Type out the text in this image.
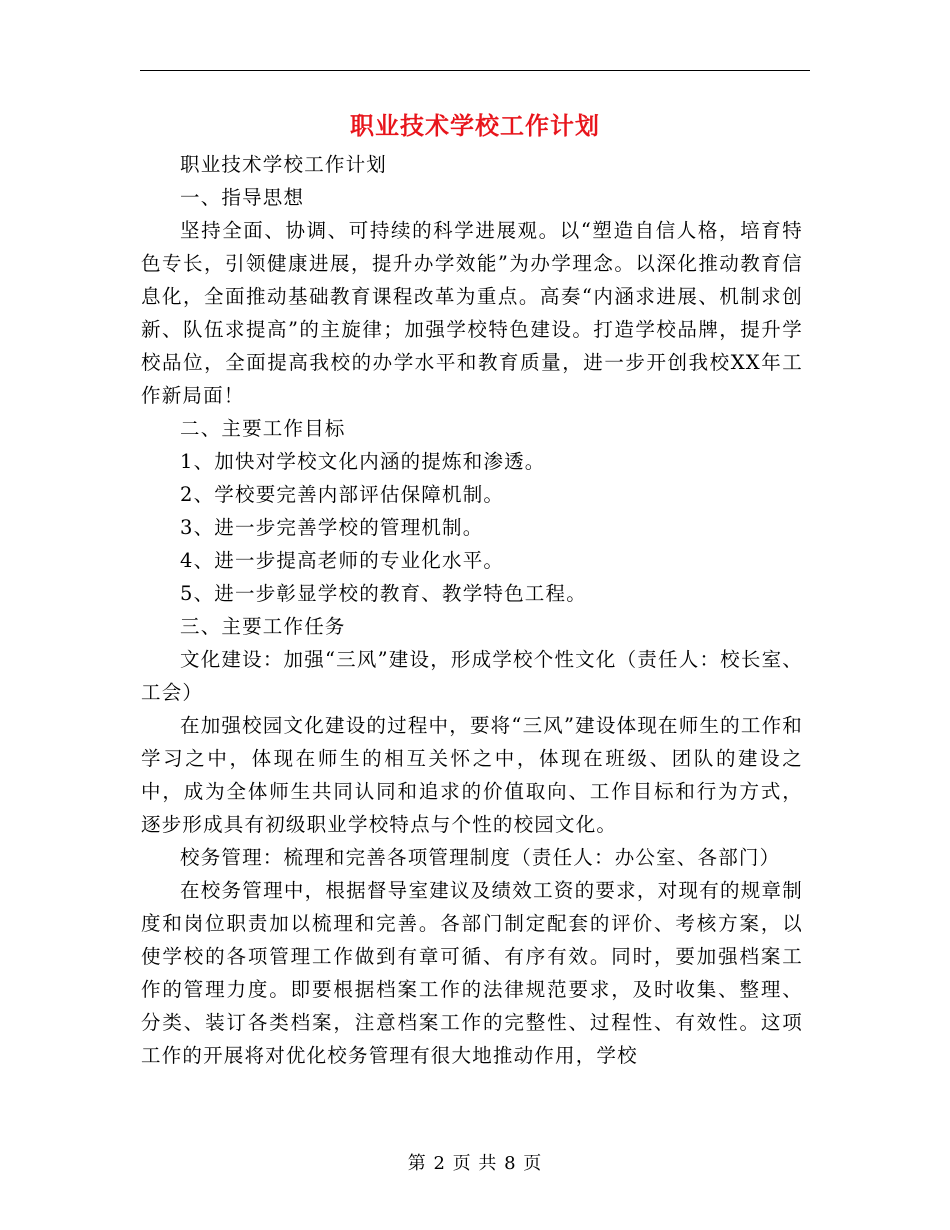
职业技术学校工作计划

职业技术学校工作计划

一、指导思想

坚持全面、协调、可持续的科学进展观。以“塑造自信人格，培育特色专长，引领健康进展，提升办学效能”为办学理念。以深化推动教育信息化，全面推动基础教育课程改革为重点。高奏“内涵求进展、机制求创新、队伍求提高”的主旋律；加强学校特色建设。打造学校品牌，提升学校品位，全面提高我校的办学水平和教育质量，进一步开创我校XX年工作新局面！

二、主要工作目标

1、加快对学校文化内涵的提炼和渗透。

2、学校要完善内部评估保障机制。

3、进一步完善学校的管理机制。

4、进一步提高老师的专业化水平。

5、进一步彰显学校的教育、教学特色工程。

三、主要工作任务

文化建设：加强“三风”建设，形成学校个性文化（责任人：校长室、工会）

在加强校园文化建设的过程中，要将“三风”建设体现在师生的工作和学习之中，体现在师生的相互关怀之中，体现在班级、团队的建设之中，成为全体师生共同认同和追求的价值取向、工作目标和行为方式，逐步形成具有初级职业学校特点与个性的校园文化。

校务管理：梳理和完善各项管理制度（责任人：办公室、各部门）

在校务管理中，根据督导室建议及绩效工资的要求，对现有的规章制度和岗位职责加以梳理和完善。各部门制定配套的评价、考核方案，以使学校的各项管理工作做到有章可循、有序有效。同时，要加强档案工作的管理力度。即要根据档案工作的法律规范要求，及时收集、整理、分类、装订各类档案，注意档案工作的完整性、过程性、有效性。这项工作的开展将对优化校务管理有很大地推动作用，学校

第 2 页 共 8 页
